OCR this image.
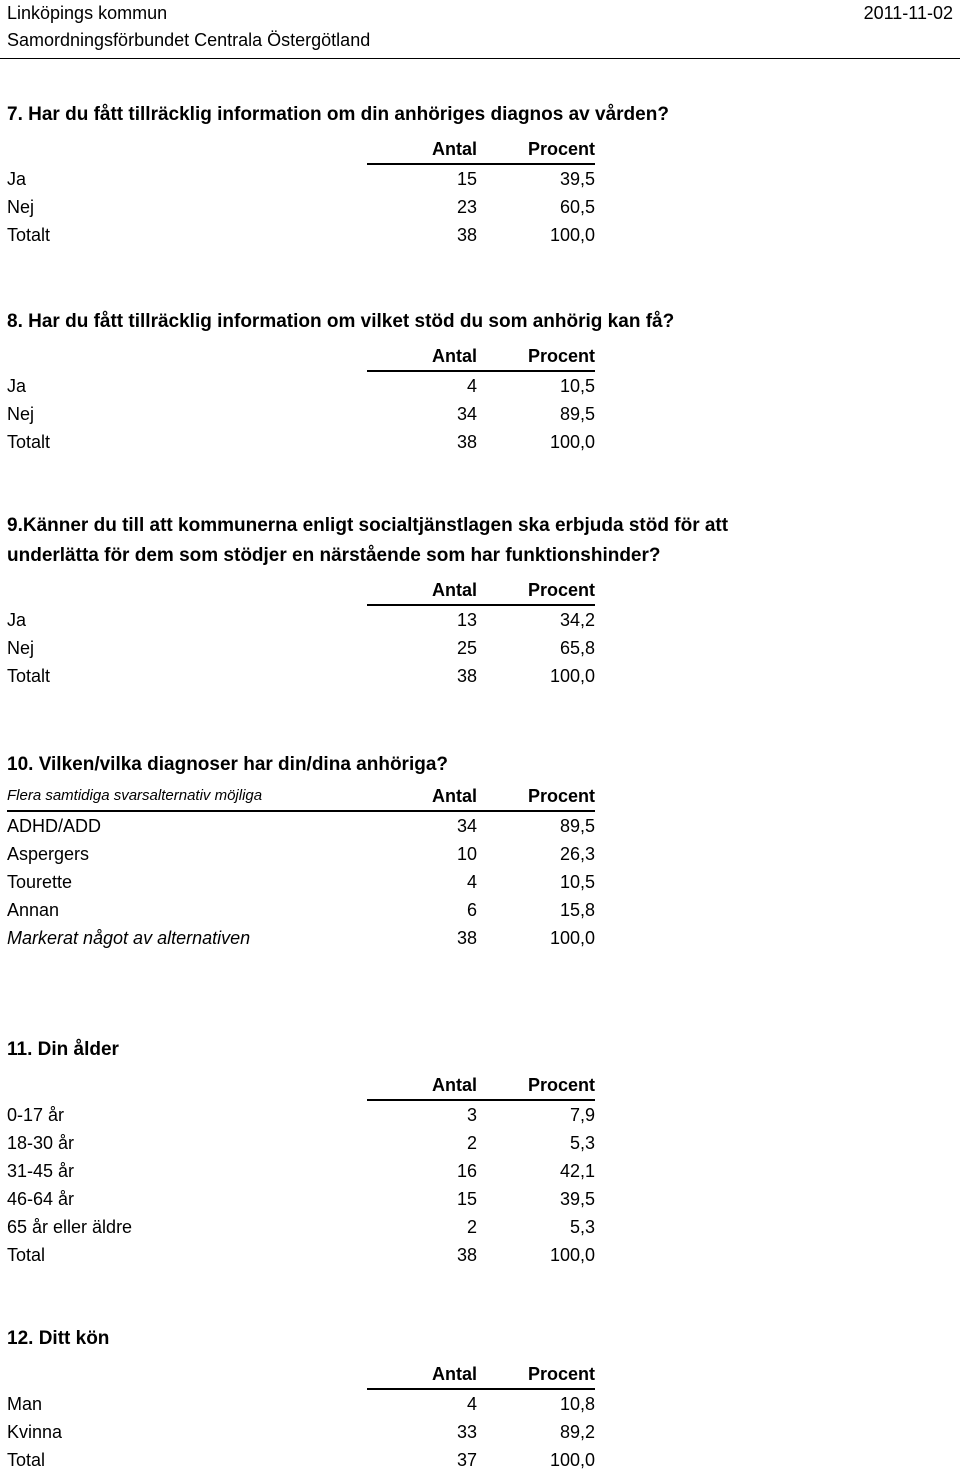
Linköpings kommun
Samordningsförbundet Centrala Östergötland
2011-11-02
7. Har du fått tillräcklig information om din anhöriges diagnos av vården?
	Antal	Procent
Ja	15	39,5
Nej	23	60,5
Totalt	38	100,0
8. Har du fått tillräcklig information om vilket stöd du som anhörig kan få?
	Antal	Procent
Ja	4	10,5
Nej	34	89,5
Totalt	38	100,0
9.Känner du till att kommunerna enligt socialtjänstlagen ska erbjuda stöd för att
underlätta för dem som stödjer en närstående som har funktionshinder?
	Antal	Procent
Ja	13	34,2
Nej	25	65,8
Totalt	38	100,0
10. Vilken/vilka diagnoser har din/dina anhöriga?
Flera samtidiga svarsalternativ möjliga	Antal	Procent
ADHD/ADD	34	89,5
Aspergers	10	26,3
Tourette	4	10,5
Annan	6	15,8
Markerat något av alternativen	38	100,0
11. Din ålder
	Antal	Procent
0-17 år	3	7,9
18-30 år	2	5,3
31-45 år	16	42,1
46-64 år	15	39,5
65 år eller äldre	2	5,3
Total	38	100,0
12. Ditt kön
	Antal	Procent
Man	4	10,8
Kvinna	33	89,2
Total	37	100,0
